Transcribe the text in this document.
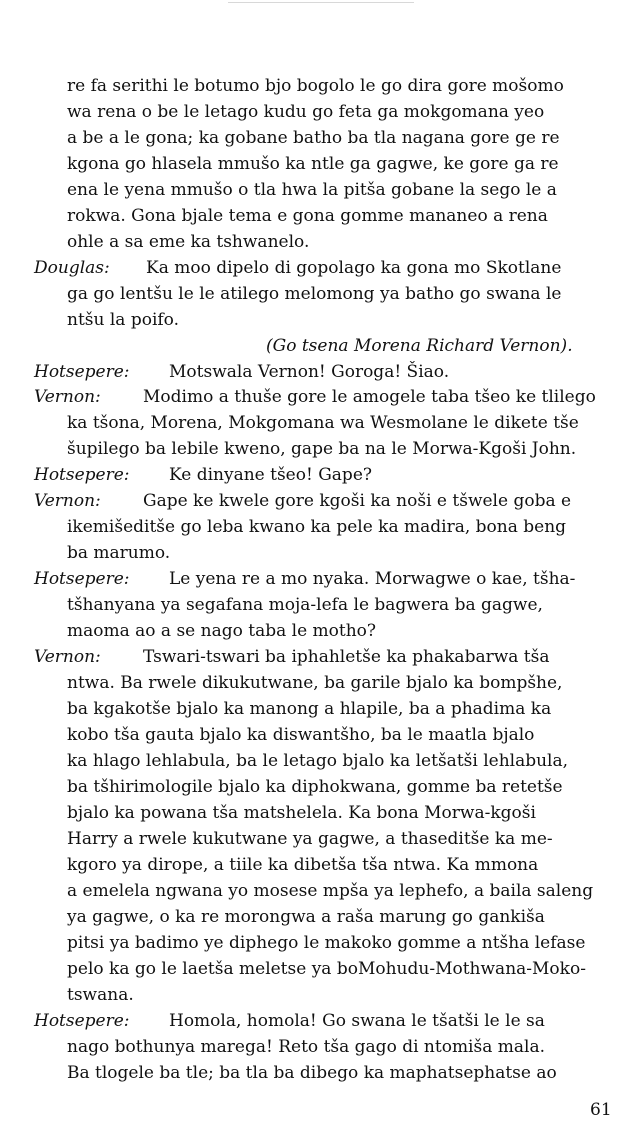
re fa serithi le botumo bjo bogolo le go dira gore mošomo

wa rena o be le letago kudu go feta ga mokgomana yeo

a be a le gona; ka gobane batho ba tla nagana gore ge re

kgona go hlasela mmušo ka ntle ga gagwe, ke gore ga re

ena le yena mmušo o tla hwa la pitša gobane la sego le a

rokwa. Gona bjale tema e gona gomme mananeo a rena

ohle a sa eme ka tshwanelo.

Douglas: Ka moo dipelo di gopolago ka gona mo Skotlane

ga go lentšu le le atilego melomong ya batho go swana le

ntšu la poifo.

(Go tsena Morena Richard Vernon).

Hotsepere: Motswala Vernon! Goroga! Šiao.

Vernon: Modimo a thuše gore le amogele taba tšeo ke tlilego

ka tšona, Morena, Mokgomana wa Wesmolane le dikete tše

šupilego ba lebile kweno, gape ba na le Morwa-Kgoši John.

Hotsepere: Ke dinyane tšeo! Gape?

Vernon: Gape ke kwele gore kgoši ka noši e tšwele goba e

ikemišeditše go leba kwano ka pele ka madira, bona beng

ba marumo.

Hotsepere: Le yena re a mo nyaka. Morwagwe o kae, tšha-

tšhanyana ya segafana moja-lefa le bagwera ba gagwe,

maoma ao a se nago taba le motho?

Vernon: Tswari-tswari ba iphahletše ka phakabarwa tša

ntwa. Ba rwele dikukutwane, ba garile bjalo ka bompšhe,

ba kgakotše bjalo ka manong a hlapile, ba a phadima ka

kobo tša gauta bjalo ka diswantšho, ba le maatla bjalo

ka hlago lehlabula, ba le letago bjalo ka letšatši lehlabula,

ba tšhirimologile bjalo ka diphokwana, gomme ba retetše

bjalo ka powana tša matshelela. Ka bona Morwa-kgoši

Harry a rwele kukutwane ya gagwe, a thaseditše ka me-

kgoro ya dirope, a tiile ka dibetša tša ntwa. Ka mmona

a emelela ngwana yo mosese mpša ya lephefo, a baila saleng

ya gagwe, o ka re morongwa a raša marung go gankiša

pitsi ya badimo ye diphego le makoko gomme a ntšha lefase

pelo ka go le laetša meletse ya boMohudu-Mothwana-Moko-

tswana.

Hotsepere: Homola, homola! Go swana le tšatši le le sa

nago bothunya marega! Reto tša gago di ntomiša mala.

Ba tlogele ba tle; ba tla ba dibego ka maphatsephatse ao

61
